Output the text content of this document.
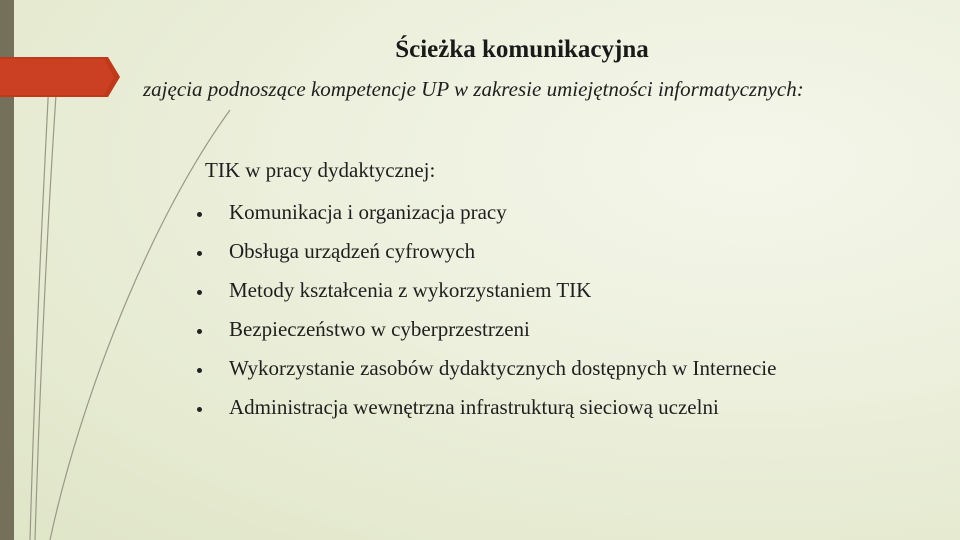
Ścieżka komunikacyjna
zajęcia podnoszące kompetencje UP w zakresie umiejętności informatycznych:
TIK w pracy dydaktycznej:
Komunikacja i organizacja pracy
Obsługa urządzeń cyfrowych
Metody kształcenia z wykorzystaniem TIK
Bezpieczeństwo w cyberprzestrzeni
Wykorzystanie zasobów dydaktycznych dostępnych w Internecie
Administracja wewnętrzna infrastrukturą sieciową uczelni
